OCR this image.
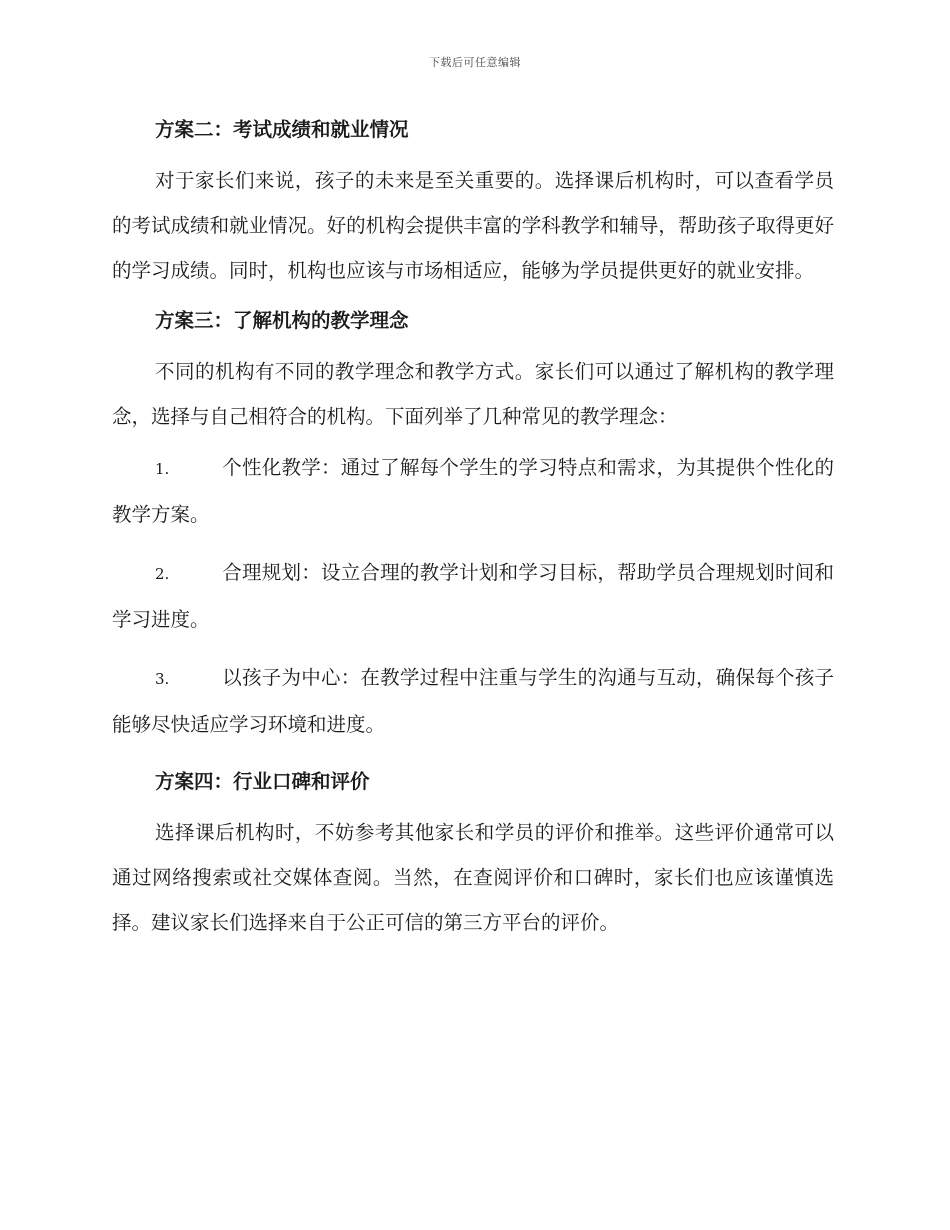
下载后可任意编辑
方案二：考试成绩和就业情况
对于家长们来说，孩子的未来是至关重要的。选择课后机构时，可以查看学员的考试成绩和就业情况。好的机构会提供丰富的学科教学和辅导，帮助孩子取得更好的学习成绩。同时，机构也应该与市场相适应，能够为学员提供更好的就业安排。
方案三：了解机构的教学理念
不同的机构有不同的教学理念和教学方式。家长们可以通过了解机构的教学理念，选择与自己相符合的机构。下面列举了几种常见的教学理念：
1.	个性化教学：通过了解每个学生的学习特点和需求，为其提供个性化的教学方案。
2.	合理规划：设立合理的教学计划和学习目标，帮助学员合理规划时间和学习进度。
3.	以孩子为中心：在教学过程中注重与学生的沟通与互动，确保每个孩子能够尽快适应学习环境和进度。
方案四：行业口碑和评价
选择课后机构时，不妨参考其他家长和学员的评价和推举。这些评价通常可以通过网络搜索或社交媒体查阅。当然，在查阅评价和口碑时，家长们也应该谨慎选择。建议家长们选择来自于公正可信的第三方平台的评价。
